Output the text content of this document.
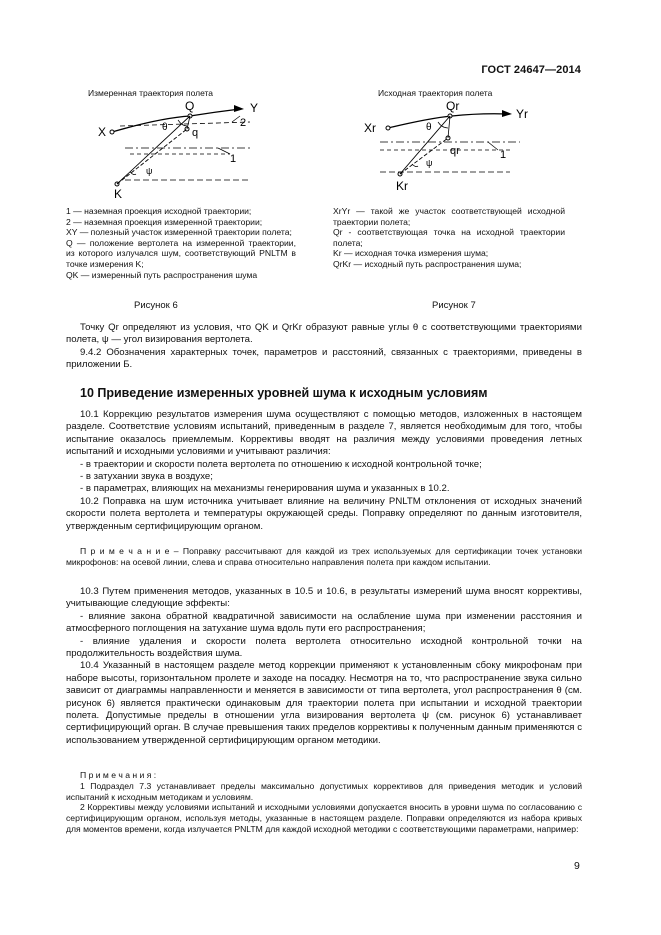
ГОСТ 24647—2014
Измеренная траектория полета
Q	Y
X	θ q
2
1
ψ
K
1 — наземная проекция исходной траектории;
2 — наземная проекция измеренной траектории;
XY — полезный участок измеренной траектории полета;
Q — положение вертолета на измеренной траектории, из которого излучался шум, соответствующий PNLTM в точке измерения K;
QK — измеренный путь распространения шума
Рисунок 6
Исходная траектория полета
Qr
Yr
Xr	θ
qr	1
ψ
Kr
XrYr — такой же участок соответствующей исходной траектории полета;
Qr - соответствующая точка на исходной траектории полета;
Kr — исходная точка измерения шума;
QrKr — исходный путь распространения шума;
Рисунок 7

Точку Qr определяют из условия, что QK и QrKr образуют равные углы θ с соответствующими траекториями полета, ψ — угол визирования вертолета.

9.4.2 Обозначения характерных точек, параметров и расстояний, связанных с траекториями, приведены в приложении Б.

10 Приведение измеренных уровней шума к исходным условиям

10.1 Коррекцию результатов измерения шума осуществляют с помощью методов, изложенных в настоящем разделе. Соответствие условиям испытаний, приведенным в разделе 7, является необходимым для того, чтобы испытание оказалось приемлемым. Коррективы вводят на различия между условиями проведения летных испытаний и исходными условиями и учитывают различия:

- в траектории и скорости полета вертолета по отношению к исходной контрольной точке;

- в затухании звука в воздухе;

- в параметрах, влияющих на механизмы генерирования шума и указанных в 10.2.

10.2 Поправка на шум источника учитывает влияние на величину PNLTM отклонения от исходных значений скорости полета вертолета и температуры окружающей среды. Поправку определяют по данным изготовителя, утвержденным сертифицирующим органом.

П р и м е ч а н и е – Поправку рассчитывают для каждой из трех используемых для сертификации точек установки микрофонов: на осевой линии, слева и справа относительно направления полета при каждом испытании.

10.3 Путем применения методов, указанных в 10.5 и 10.6, в результаты измерений шума вносят коррективы, учитывающие следующие эффекты:

- влияние закона обратной квадратичной зависимости на ослабление шума при изменении расстояния и атмосферного поглощения на затухание шума вдоль пути его распространения;

- влияние удаления и скорости полета вертолета относительно исходной контрольной точки на продолжительность воздействия шума.

10.4 Указанный в настоящем разделе метод коррекции применяют к установленным сбоку микрофонам при наборе высоты, горизонтальном пролете и заходе на посадку. Несмотря на то, что распространение звука сильно зависит от диаграммы направленности и меняется в зависимости от типа вертолета, угол распространения θ (см. рисунок 6) является практически одинаковым для траектории полета при испытании и исходной траектории полета. Допустимые пределы в отношении угла визирования вертолета ψ (см. рисунок 6) устанавливает сертифицирующий орган. В случае превышения таких пределов коррективы к полученным данным применяются с использованием утвержденной сертифицирующим органом методики.

П р и м е ч а н и я :

1 Подраздел 7.3 устанавливает пределы максимально допустимых коррективов для приведения методик и условий испытаний к исходным методикам и условиям.

2 Коррективы между условиями испытаний и исходными условиями допускается вносить в уровни шума по согласованию с сертифицирующим органом, используя методы, указанные в настоящем разделе. Поправки определяются из набора кривых для моментов времени, когда излучается PNLTM для каждой исходной методики с соответствующими параметрами, например:

9
